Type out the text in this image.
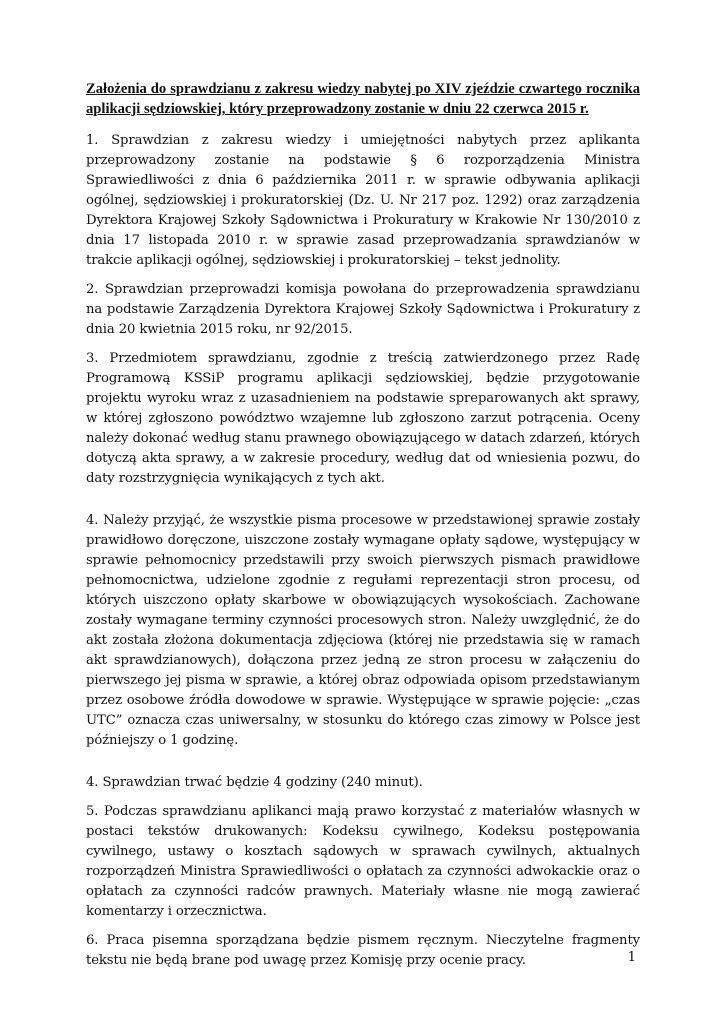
Założenia do sprawdzianu z zakresu wiedzy nabytej po XIV zjeździe czwartego rocznika aplikacji sędziowskiej, który przeprowadzony zostanie w dniu 22 czerwca 2015 r.

1. Sprawdzian z zakresu wiedzy i umiejętności nabytych przez aplikanta przeprowadzony zostanie na podstawie § 6 rozporządzenia Ministra Sprawiedliwości z dnia 6 października 2011 r. w sprawie odbywania aplikacji ogólnej, sędziowskiej i prokuratorskiej (Dz. U. Nr 217 poz. 1292) oraz zarządzenia Dyrektora Krajowej Szkoły Sądownictwa i Prokuratury w Krakowie Nr 130/2010 z dnia 17 listopada 2010 r. w sprawie zasad przeprowadzania sprawdzianów w trakcie aplikacji ogólnej, sędziowskiej i prokuratorskiej – tekst jednolity.

2. Sprawdzian przeprowadzi komisja powołana do przeprowadzenia sprawdzianu na podstawie Zarządzenia Dyrektora Krajowej Szkoły Sądownictwa i Prokuratury z dnia 20 kwietnia 2015 roku, nr 92/2015.

3. Przedmiotem sprawdzianu, zgodnie z treścią zatwierdzonego przez Radę Programową KSSiP programu aplikacji sędziowskiej, będzie przygotowanie projektu wyroku wraz z uzasadnieniem na podstawie spreparowanych akt sprawy, w której zgłoszono powództwo wzajemne lub zgłoszono zarzut potrącenia. Oceny należy dokonać według stanu prawnego obowiązującego w datach zdarzeń, których dotyczą akta sprawy, a w zakresie procedury, według dat od wniesienia pozwu, do daty rozstrzygnięcia wynikających z tych akt.

4. Należy przyjąć, że wszystkie pisma procesowe w przedstawionej sprawie zostały prawidłowo doręczone, uiszczone zostały wymagane opłaty sądowe, występujący w sprawie pełnomocnicy przedstawili przy swoich pierwszych pismach prawidłowe pełnomocnictwa, udzielone zgodnie z regułami reprezentacji stron procesu, od których uiszczono opłaty skarbowe w obowiązujących wysokościach. Zachowane zostały wymagane terminy czynności procesowych stron. Należy uwzględnić, że do akt została złożona dokumentacja zdjęciowa (której nie przedstawia się w ramach akt sprawdzianowych), dołączona przez jedną ze stron procesu w załączeniu do pierwszego jej pisma w sprawie, a której obraz odpowiada opisom przedstawianym przez osobowe źródła dowodowe w sprawie. Występujące w sprawie pojęcie: „czas UTC” oznacza czas uniwersalny, w stosunku do którego czas zimowy w Polsce jest późniejszy o 1 godzinę.

4. Sprawdzian trwać będzie 4 godziny (240 minut).

5. Podczas sprawdzianu aplikanci mają prawo korzystać z materiałów własnych w postaci tekstów drukowanych: Kodeksu cywilnego, Kodeksu postępowania cywilnego, ustawy o kosztach sądowych w sprawach cywilnych, aktualnych rozporządzeń Ministra Sprawiedliwości o opłatach za czynności adwokackie oraz o opłatach za czynności radców prawnych. Materiały własne nie mogą zawierać komentarzy i orzecznictwa.

6. Praca pisemna sporządzana będzie pismem ręcznym. Nieczytelne fragmenty tekstu nie będą brane pod uwagę przez Komisję przy ocenie pracy.	1
